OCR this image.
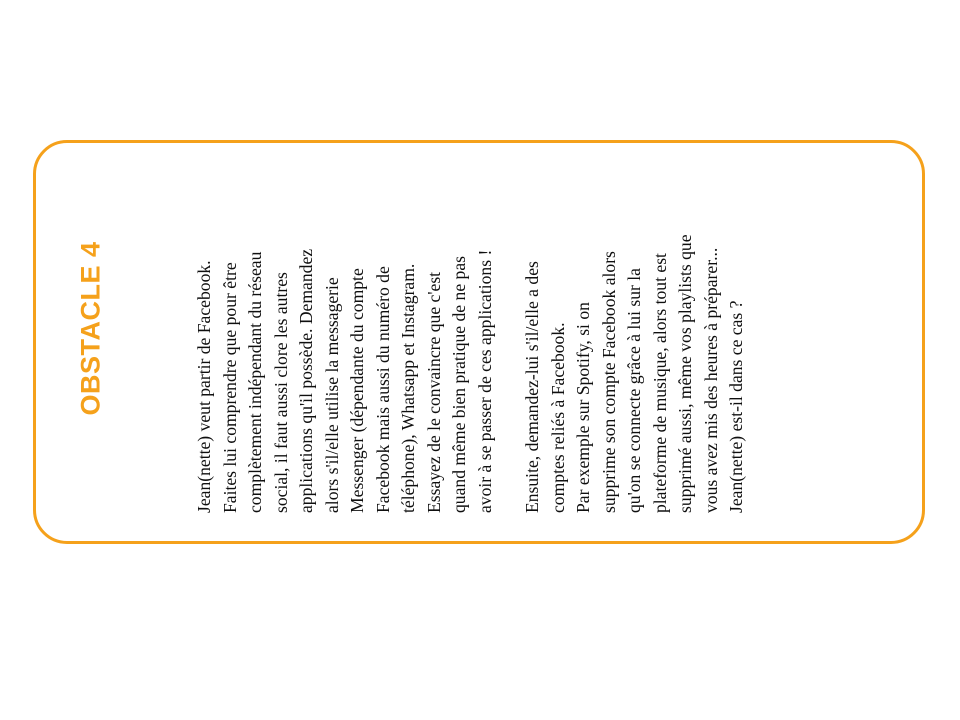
OBSTACLE 4	Jean(nette) veut partir de Facebook. Faites lui comprendre que pour être complètement indépendant du réseau social, il faut aussi clore les autres applications qu'il possède. Demandez alors s'il/elle utilise la messagerie Messenger (dépendante du compte Facebook mais aussi du numéro de téléphone), Whatsapp et Instagram. Essayez de le convaincre que c'est quand même bien pratique de ne pas avoir à se passer de ces applications ! Ensuite, demandez-lui s'il/elle a des comptes reliés à Facebook. Par exemple sur Spotify, si on supprime son compte Facebook alors qu'on se connecte grâce à lui sur la plateforme de musique, alors tout est supprimé aussi, même vos playlists que vous avez mis des heures à préparer... Jean(nette) est-il dans ce cas ?
